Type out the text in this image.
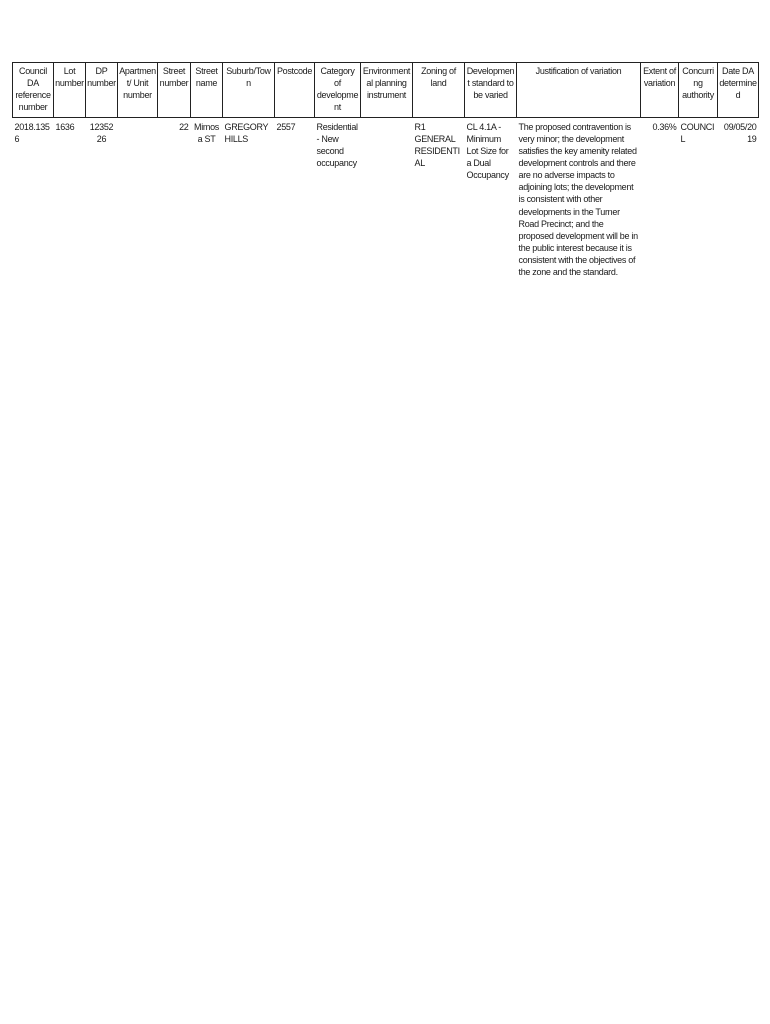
Council DA reference number	Lot number	DP number	Apartment/ Unit number	Street number	Street name	Suburb/Town	Postcode	Category of development	Environmental planning instrument	Zoning of land	Development standard to be varied	Justification of variation	Extent of variation	Concurring authority	Date DA determined
2018.1356	1636	1235226		22	Mimosa ST	GREGORY HILLS	2557	Residential - New second occupancy		R1 GENERAL RESIDENTIAL	CL 4.1A - Minimum Lot Size for a Dual Occupancy	The proposed contravention is very minor; the development satisfies the key amenity related development controls and there are no adverse impacts to adjoining lots; the development is consistent with other developments in the Turner Road Precinct; and the proposed development will be in the public interest because it is consistent with the objectives of the zone and the standard.	0.36%	COUNCIL	09/05/2019
